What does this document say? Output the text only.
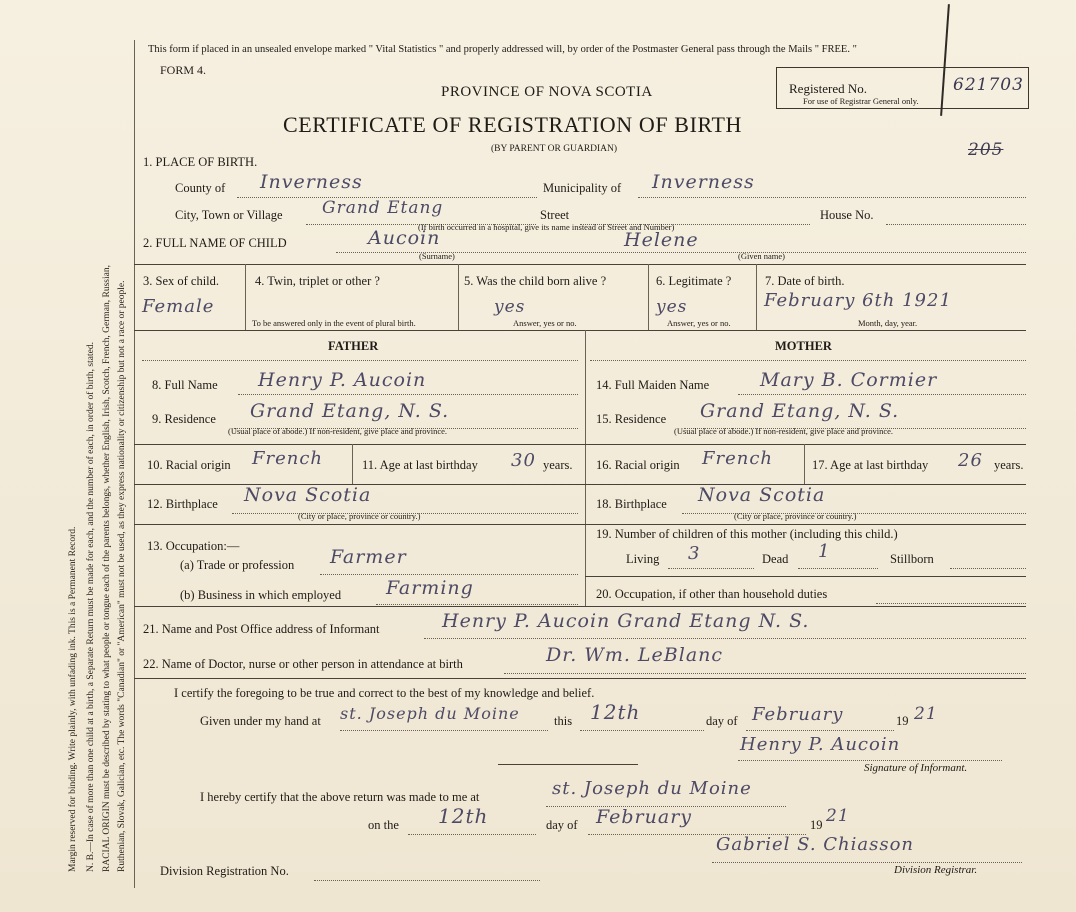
Margin reserved for binding. Write plainly, with unfading ink. This is a Permanent Record. N. B.—In case of more than one child at a birth, a Separate Return must be made for each, and the number of each, in order of birth, stated. RACIAL ORIGIN must be described by stating to what people or tongue each of the parents belongs, whether English, Irish, Scotch, French, German, Russian, Ruthenian, Slovak, Galician, etc. The words "Canadian" or "American" must not be used, as they express nationality or citizenship but not a race or people.
This form if placed in an unsealed envelope marked " Vital Statistics " and properly addressed will, by order of the Postmaster General pass through the Mails " FREE. "
FORM 4.
PROVINCE OF NOVA SCOTIA
CERTIFICATE OF REGISTRATION OF BIRTH
(BY PARENT OR GUARDIAN)
Registered No.
For use of Registrar General only.
621703
205
1. PLACE OF BIRTH.
County of Inverness	Municipality of Inverness
City, Town or Village Grand Etang	Street
(If birth occurred in a hospital, give its name instead of Street and Number)
House No.
2. FULL NAME OF CHILD	Aucoin	Helene
(Surname)	(Given name)
3. Sex of child.
Female
4. Twin, triplet or other ?
To be answered only in the event of plural birth.
5. Was the child born alive ?
yes
Answer, yes or no.
6. Legitimate ?
yes
Answer, yes or no.
7. Date of birth.
February 6th 1921
Month, day, year.
FATHER	MOTHER
8. Full Name Henry P. Aucoin	14. Full Maiden Name	Mary B. Cormier
9. Residence Grand Etang, N. S.
(Usual place of abode.) If non-resident, give place and province.
15. Residence Grand Etang, N. S.
(Usual place of abode.) If non-resident, give place and province.
10. Racial origin French	11. Age at last birthday 30 years. 16. Racial origin French	17. Age at last birthday 26 years.
12. Birthplace Nova Scotia
(City or place, province or country.)
18. Birthplace Nova Scotia
(City or place, province or country.)
13. Occupation:—
(a) Trade or profession Farmer
(b) Business in which employed Farming
19. Number of children of this mother (including this child.)
Living 3	Dead 1	Stillborn
20. Occupation, if other than household duties
21. Name and Post Office address of Informant	Henry P. Aucoin Grand Etang N. S.
22. Name of Doctor, nurse or other person in attendance at birth	Dr. Wm. LeBlanc
I certify the foregoing to be true and correct to the best of my knowledge and belief.
Given under my hand at st. Joseph du Moine	this 12th	day of February	19 21
Henry P. Aucoin
Signature of Informant.
I hereby certify that the above return was made to me at	st. Joseph du Moine
on the 12th	day of February	19 21
Division Registration No.
Gabriel S. Chiasson
Division Registrar.
